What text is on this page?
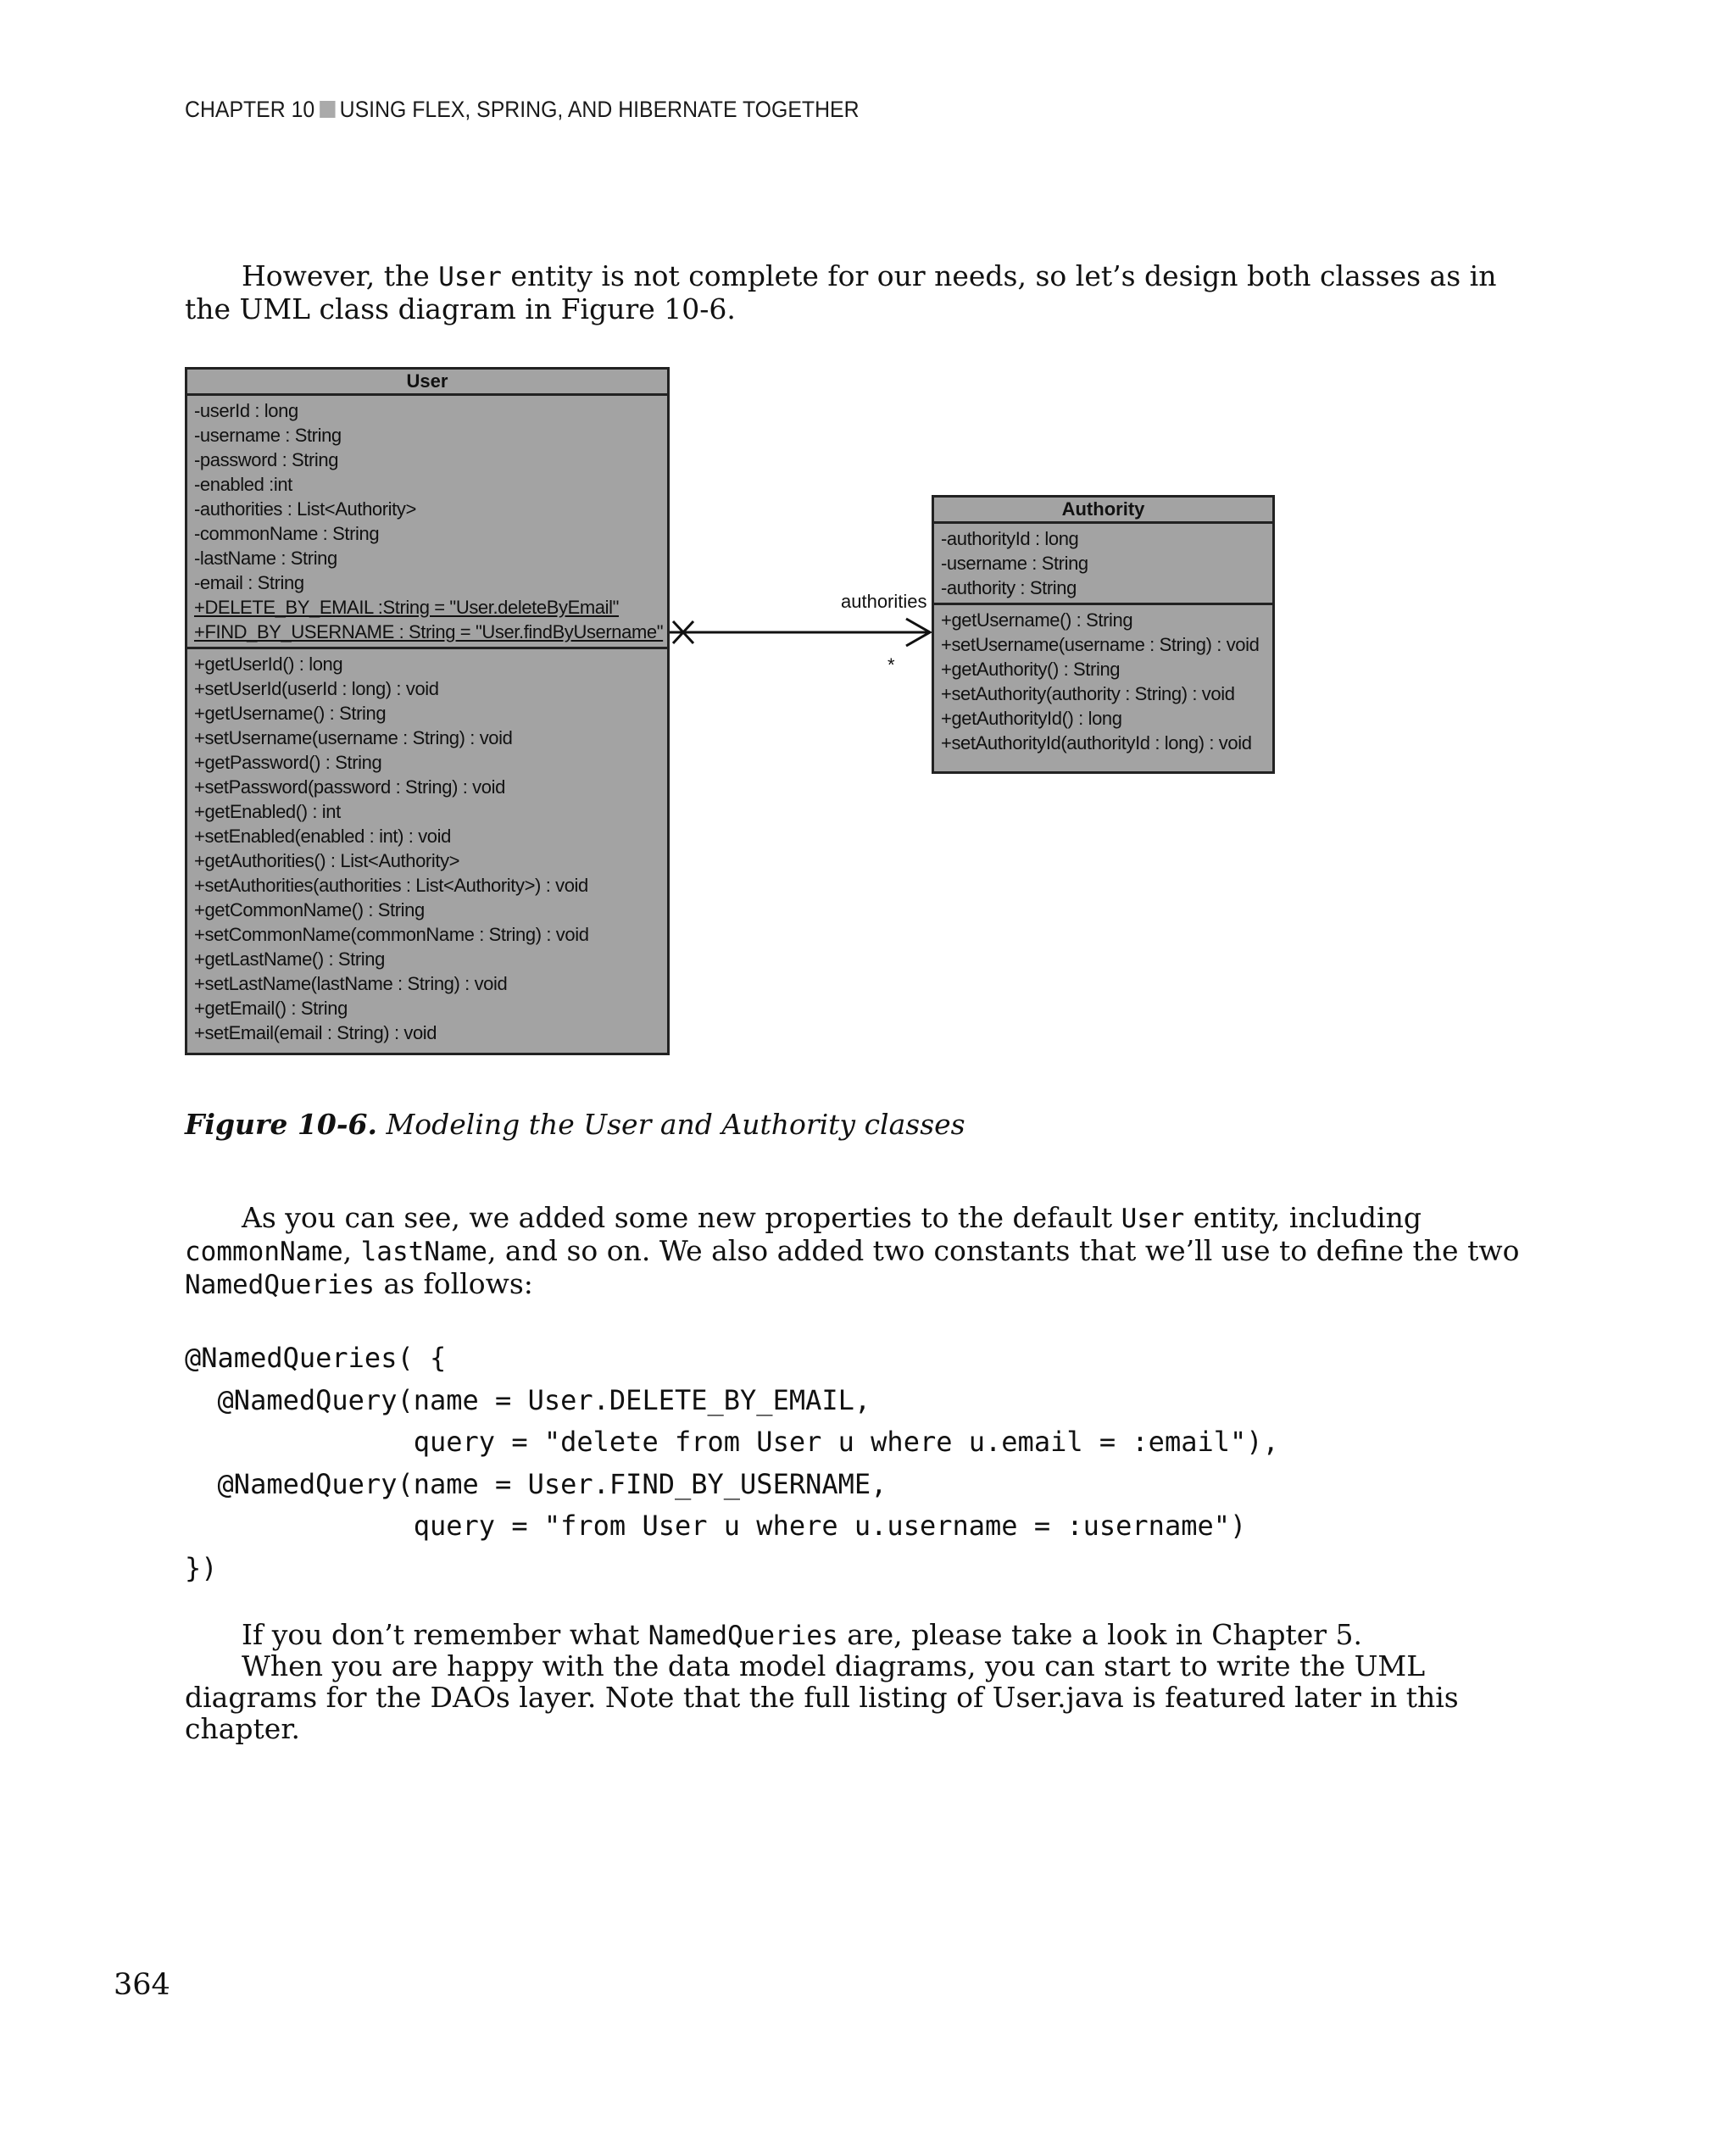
CHAPTER 10 USING FLEX, SPRING, AND HIBERNATE TOGETHER
However, the User entity is not complete for our needs, so let’s design both classes as in the UML class diagram in Figure 10-6.
User
-userId : long
-username : String
-password : String
-enabled :int
-authorities : List<Authority>
-commonName : String
-lastName : String
-email : String
+DELETE_BY_EMAIL :String = "User.deleteByEmail"
+FIND_BY_USERNAME : String = "User.findByUsername"
+getUserId() : long
+setUserId(userId : long) : void
+getUsername() : String
+setUsername(username : String) : void
+getPassword() : String
+setPassword(password : String) : void
+getEnabled() : int
+setEnabled(enabled : int) : void
+getAuthorities() : List<Authority>
+setAuthorities(authorities : List<Authority>) : void
+getCommonName() : String
+setCommonName(commonName : String) : void
+getLastName() : String
+setLastName(lastName : String) : void
+getEmail() : String
+setEmail(email : String) : void
Authority
-authorityId : long
-username : String
-authority : String
+getUsername() : String
+setUsername(username : String) : void
+getAuthority() : String
+setAuthority(authority : String) : void
+getAuthorityId() : long
+setAuthorityId(authorityId : long) : void
authorities
*
Figure 10-6. Modeling the User and Authority classes
As you can see, we added some new properties to the default User entity, including commonName, lastName, and so on. We also added two constants that we’ll use to define the two NamedQueries as follows:
@NamedQueries( {
@NamedQuery(name = User.DELETE_BY_EMAIL,
query = "delete from User u where u.email = :email"),
@NamedQuery(name = User.FIND_BY_USERNAME,
query = "from User u where u.username = :username")
})
If you don’t remember what NamedQueries are, please take a look in Chapter 5.
When you are happy with the data model diagrams, you can start to write the UML diagrams for the DAOs layer. Note that the full listing of User.java is featured later in this chapter.
364
